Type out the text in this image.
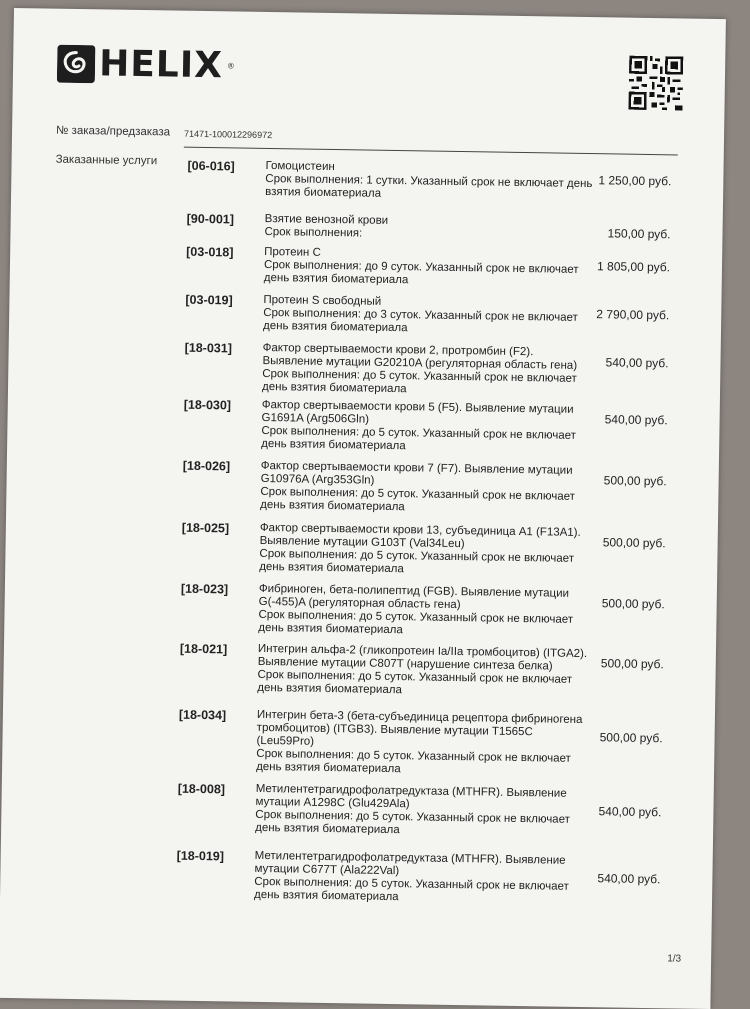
HELIX ®
№ заказа/предзаказа 71471-100012296972
Заказанные услуги [06-016]	Гомоцистеин
Срок выполнения: 1 сутки. Указанный срок не включает день
взятия биоматериала
1 250,00 руб.
[90-001]	Взятие венозной крови
Срок выполнения:	150,00 руб.
[03-018]	Протеин C
Срок выполнения: до 9 суток. Указанный срок не включает
день взятия биоматериала
1 805,00 руб.
[03-019]	Протеин S свободный
Срок выполнения: до 3 суток. Указанный срок не включает
день взятия биоматериала
2 790,00 руб.
[18-031]	Фактор свертываемости крови 2, протромбин (F2).
Выявление мутации G20210A (регуляторная область гена)
Срок выполнения: до 5 суток. Указанный срок не включает
день взятия биоматериала
540,00 руб.
[18-030]	Фактор свертываемости крови 5 (F5). Выявление мутации
G1691A (Arg506Gln)
Срок выполнения: до 5 суток. Указанный срок не включает
день взятия биоматериала
540,00 руб.
[18-026]	Фактор свертываемости крови 7 (F7). Выявление мутации
G10976A (Arg353Gln)
Срок выполнения: до 5 суток. Указанный срок не включает
день взятия биоматериала
500,00 руб.
[18-025]	Фактор свертываемости крови 13, субъединица A1 (F13A1).
Выявление мутации G103T (Val34Leu)
Срок выполнения: до 5 суток. Указанный срок не включает
день взятия биоматериала
500,00 руб.
[18-023]	Фибриноген, бета-полипептид (FGB). Выявление мутации
G(-455)A (регуляторная область гена)
Срок выполнения: до 5 суток. Указанный срок не включает
день взятия биоматериала
500,00 руб.
[18-021]	Интегрин альфа-2 (гликопротеин Ia/IIa тромбоцитов) (ITGA2).
Выявление мутации C807T (нарушение синтеза белка)
Срок выполнения: до 5 суток. Указанный срок не включает
день взятия биоматериала
500,00 руб.
[18-034]	Интегрин бета-3 (бета-субъединица рецептора фибриногена
тромбоцитов) (ITGB3). Выявление мутации T1565C
(Leu59Pro)
Срок выполнения: до 5 суток. Указанный срок не включает
день взятия биоматериала
500,00 руб.
[18-008]	Метилентетрагидрофолатредуктаза (MTHFR). Выявление
мутации A1298C (Glu429Ala)
Срок выполнения: до 5 суток. Указанный срок не включает
день взятия биоматериала
540,00 руб.
[18-019]	Метилентетрагидрофолатредуктаза (MTHFR). Выявление
мутации C677T (Ala222Val)
Срок выполнения: до 5 суток. Указанный срок не включает
день взятия биоматериала
540,00 руб.
1/3
